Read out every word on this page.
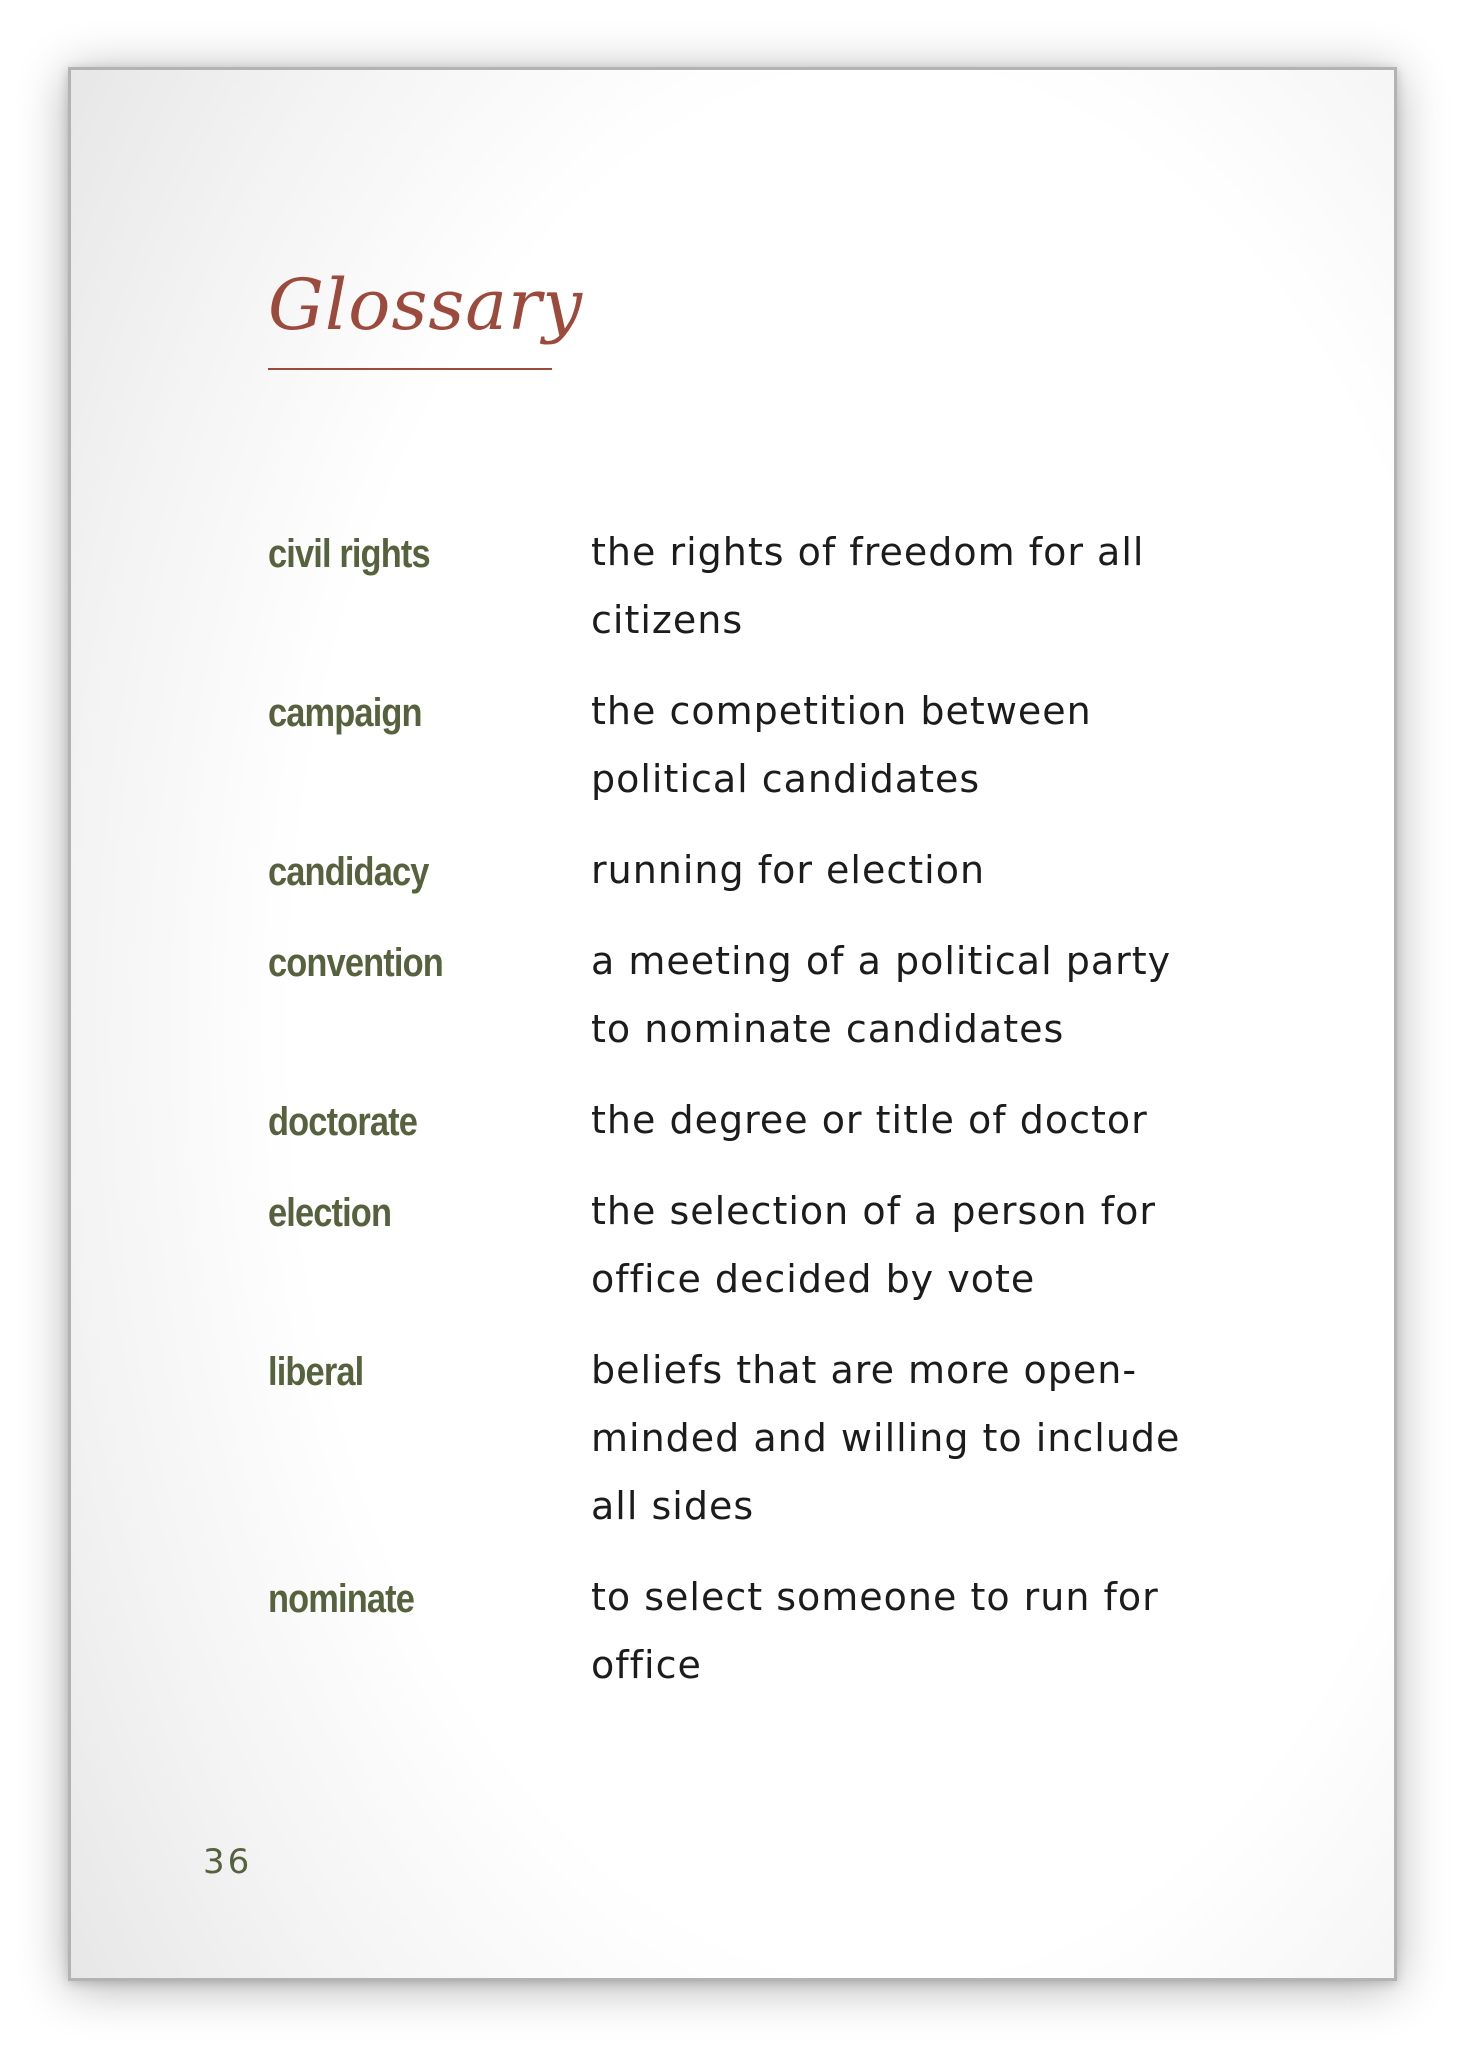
Glossary
civil rights	the rights of freedom for all
citizens
campaign	the competition between
political candidates
candidacy	running for election
convention	a meeting of a political party
to nominate candidates
doctorate	the degree or title of doctor
election	the selection of a person for
office decided by vote
liberal	beliefs that are more open-
minded and willing to include
all sides
nominate	to select someone to run for
office
36
